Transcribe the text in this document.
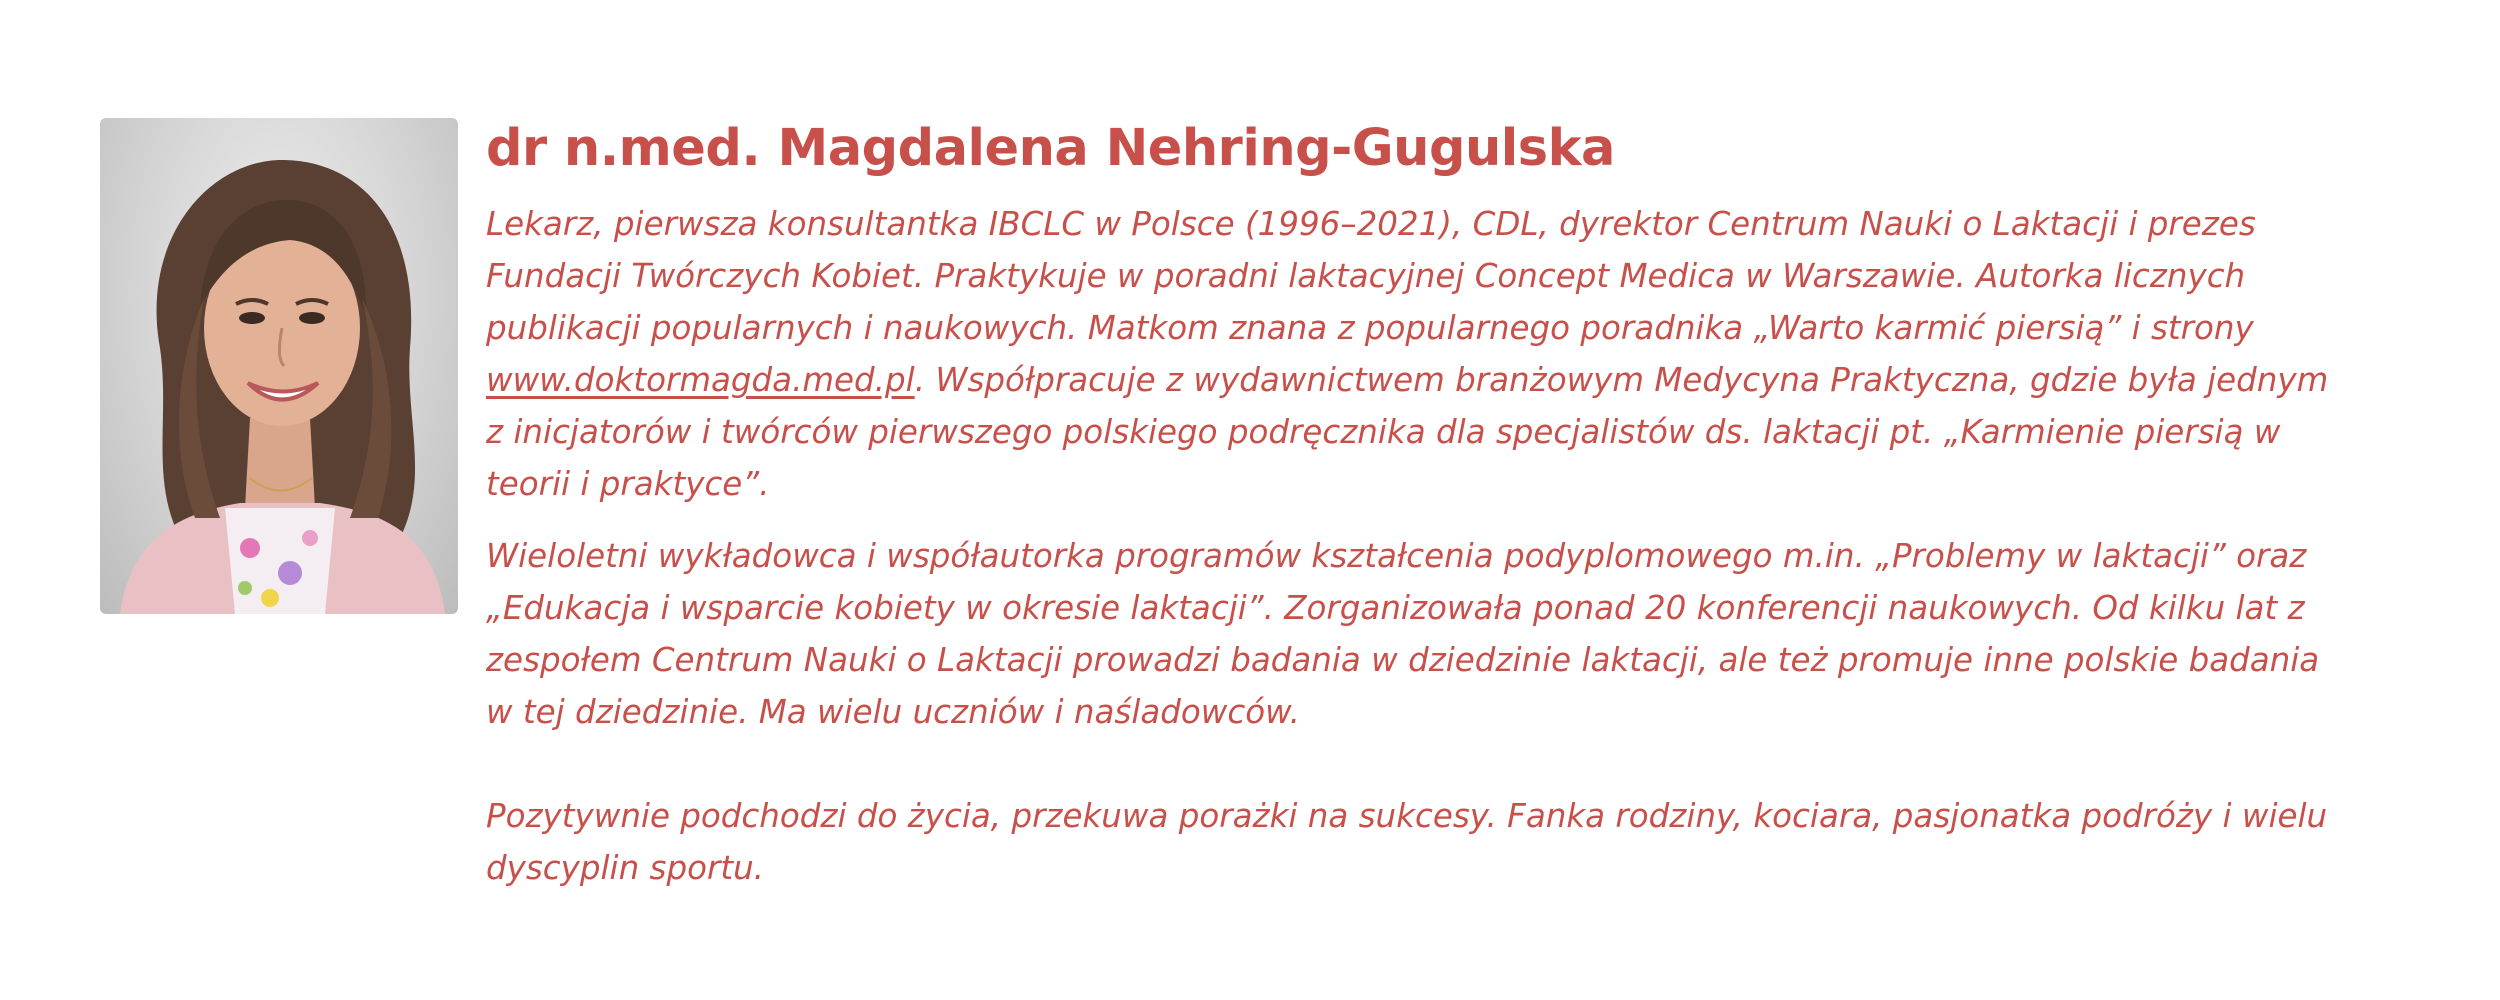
dr n.med. Magdalena Nehring-Gugulska

Lekarz, pierwsza konsultantka IBCLC w Polsce (1996–2021), CDL, dyrektor Centrum Nauki o Laktacji i prezes Fundacji Twórczych Kobiet. Praktykuje w poradni laktacyjnej Concept Medica w Warszawie. Autorka licznych publikacji popularnych i naukowych. Matkom znana z popularnego poradnika „Warto karmić piersią” i strony www.doktormagda.med.pl. Współpracuje z wydawnictwem branżowym Medycyna Praktyczna, gdzie była jednym z inicjatorów i twórców pierwszego polskiego podręcznika dla specjalistów ds. laktacji pt. „Karmienie piersią w teorii i praktyce”.

Wieloletni wykładowca i współautorka programów kształcenia podyplomowego m.in. „Problemy w laktacji” oraz „Edukacja i wsparcie kobiety w okresie laktacji”. Zorganizowała ponad 20 konferencji naukowych. Od kilku lat z zespołem Centrum Nauki o Laktacji prowadzi badania w dziedzinie laktacji, ale też promuje inne polskie badania w tej dziedzinie. Ma wielu uczniów i naśladowców.

Pozytywnie podchodzi do życia, przekuwa porażki na sukcesy. Fanka rodziny, kociara, pasjonatka podróży i wielu dyscyplin sportu.
